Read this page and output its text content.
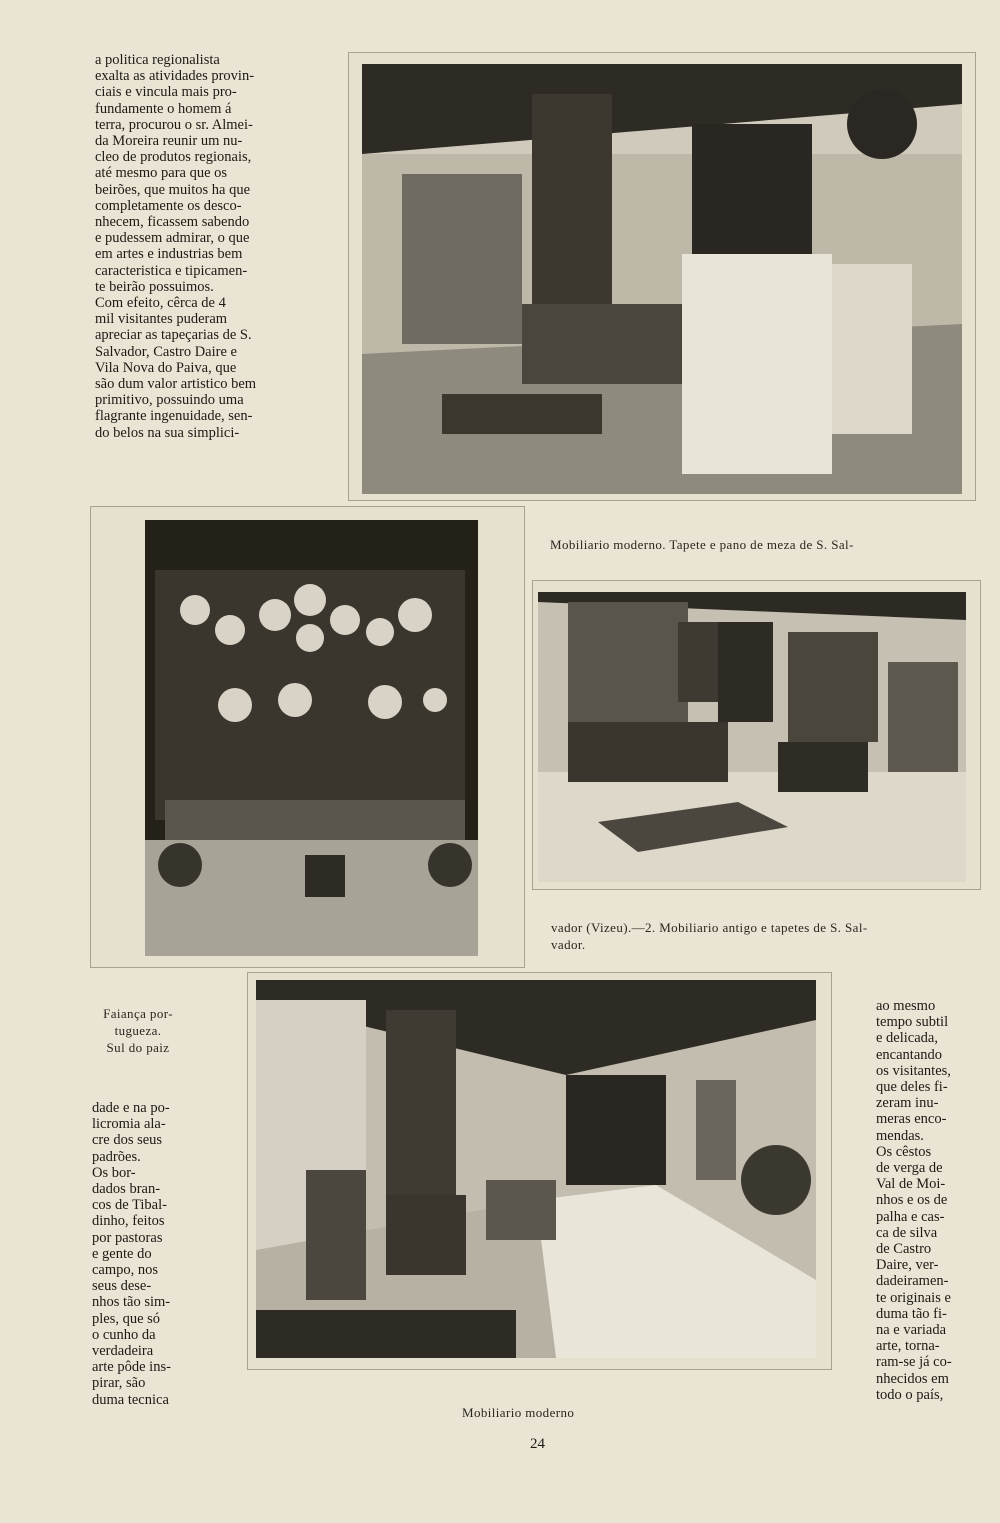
a politica regionalista
exalta as atividades provin-
ciais e vincula mais pro-
fundamente o homem á
terra, procurou o sr. Almei-
da Moreira reunir um nu-
cleo de produtos regionais,
até mesmo para que os
beirões, que muitos ha que
completamente os desco-
nhecem, ficassem sabendo
e pudessem admirar, o que
em artes e industrias bem
caracteristica e tipicamen-
te beirão possuimos.
Com efeito, cêrca de 4
mil visitantes puderam
apreciar as tapeçarias de S.
Salvador, Castro Daire e
Vila Nova do Paiva, que
são dum valor artistico bem
primitivo, possuindo uma
flagrante ingenuidade, sen-
do belos na sua simplici-
Mobiliario moderno. Tapete e pano de meza de S. Sal-
vador (Vizeu).—2. Mobiliario antigo e tapetes de S. Sal-
vador.
Faiança por-
tugueza.
Sul do paiz
dade e na po-
licromia ala-
cre dos seus
padrões.
Os bor-
dados bran-
cos de Tibal-
dinho, feitos
por pastoras
e gente do
campo, nos
seus dese-
nhos tão sim-
ples, que só
o cunho da
verdadeira
arte pôde ins-
pirar, são
duma tecnica
ao mesmo
tempo subtil
e delicada,
encantando
os visitantes,
que deles fi-
zeram inu-
meras enco-
mendas.
Os cêstos
de verga de
Val de Moi-
nhos e os de
palha e cas-
ca de silva
de Castro
Daire, ver-
dadeiramen-
te originais e
duma tão fi-
na e variada
arte, torna-
ram-se já co-
nhecidos em
todo o país,
Mobiliario moderno
24
